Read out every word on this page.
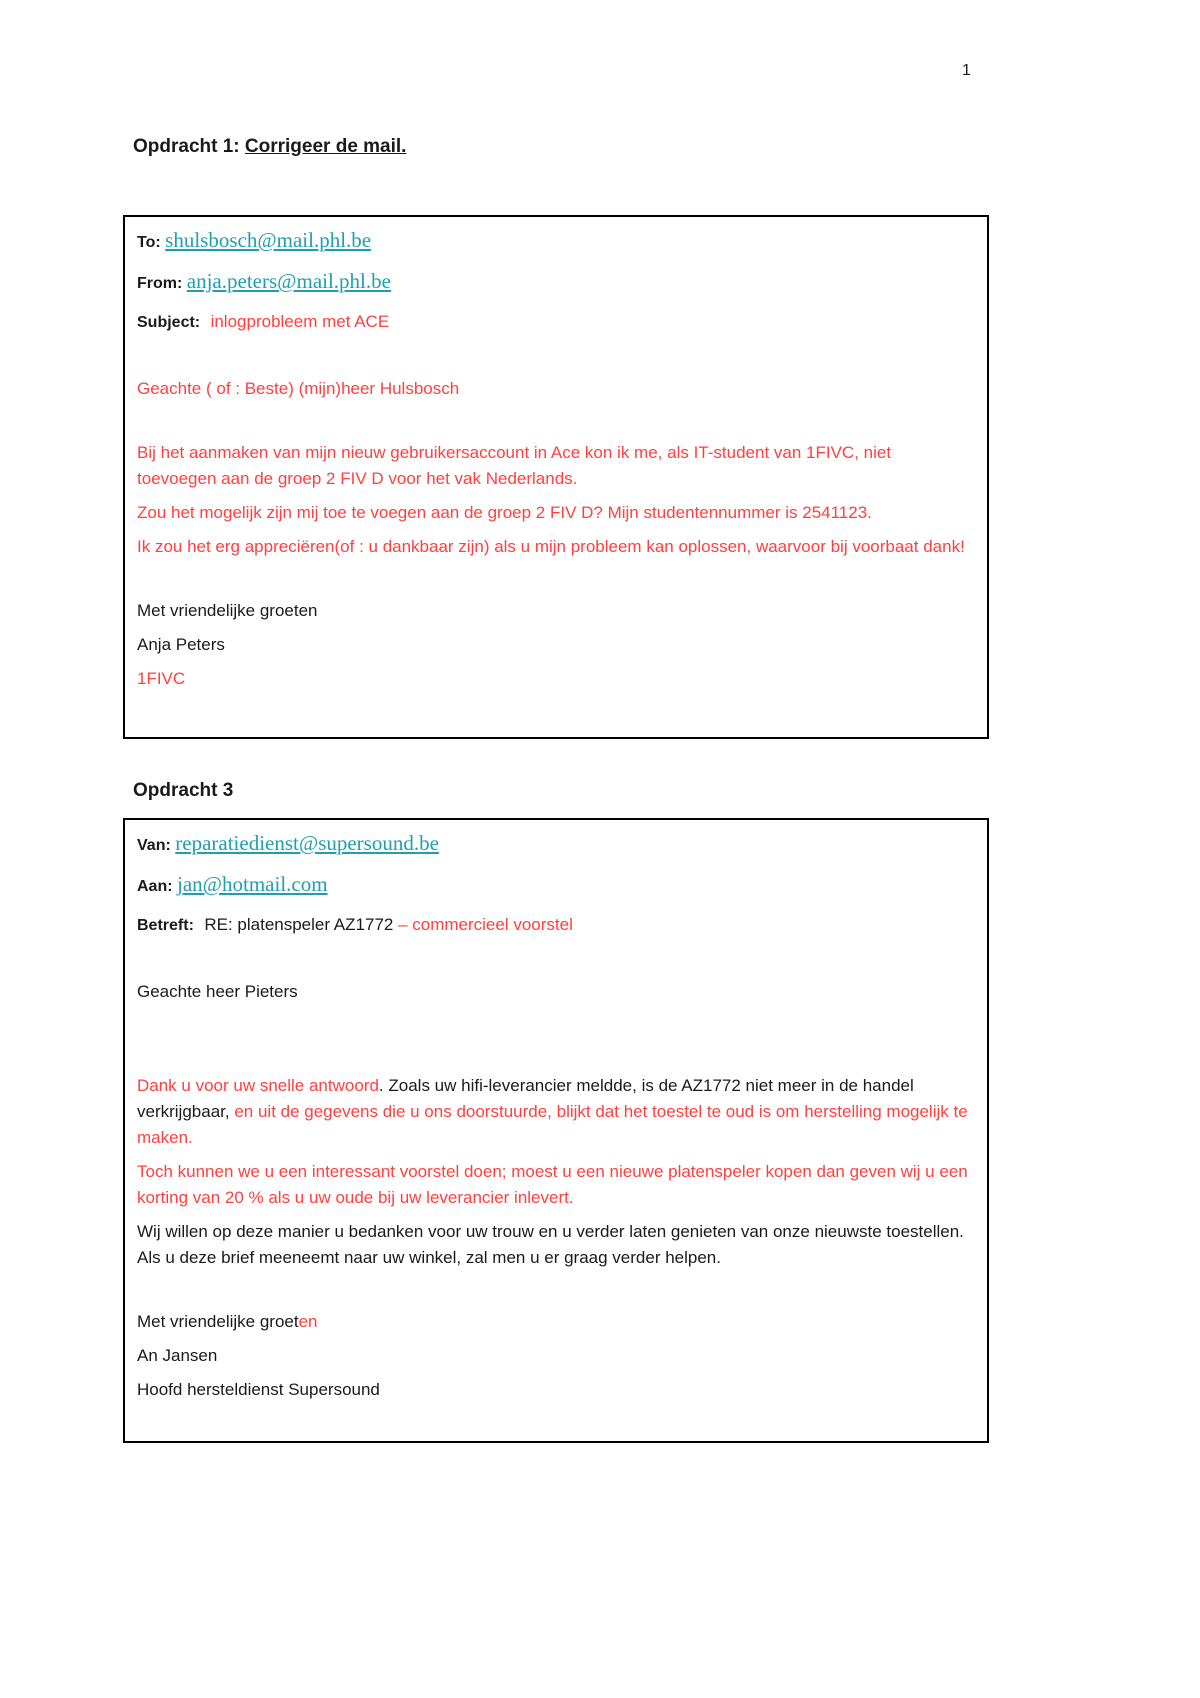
1
Opdracht 1: Corrigeer de mail.

To: shulsbosch@mail.phl.be

From: anja.peters@mail.phl.be

Subject: inlogprobleem met ACE

Geachte ( of : Beste) (mijn)heer Hulsbosch

Bij het aanmaken van mijn nieuw gebruikersaccount in Ace kon ik me, als IT-student van 1FIVC, niet toevoegen aan de groep 2 FIV D voor het vak Nederlands.

Zou het mogelijk zijn mij toe te voegen aan de groep 2 FIV D? Mijn studentennummer is 2541123.

Ik zou het erg appreciëren(of : u dankbaar zijn) als u mijn probleem kan oplossen, waarvoor bij voorbaat dank!

Met vriendelijke groeten

Anja Peters

1FIVC

Opdracht 3

Van: reparatiedienst@supersound.be

Aan: jan@hotmail.com

Betreft: RE: platenspeler AZ1772 – commercieel voorstel

Geachte heer Pieters

Dank u voor uw snelle antwoord. Zoals uw hifi-leverancier meldde, is de AZ1772 niet meer in de handel verkrijgbaar, en uit de gegevens die u ons doorstuurde, blijkt dat het toestel te oud is om herstelling mogelijk te maken.

Toch kunnen we u een interessant voorstel doen; moest u een nieuwe platenspeler kopen dan geven wij u een korting van 20 % als u uw oude bij uw leverancier inlevert.

Wij willen op deze manier u bedanken voor uw trouw en u verder laten genieten van onze nieuwste toestellen. Als u deze brief meeneemt naar uw winkel, zal men u er graag verder helpen.

Met vriendelijke groeten

An Jansen

Hoofd hersteldienst Supersound
